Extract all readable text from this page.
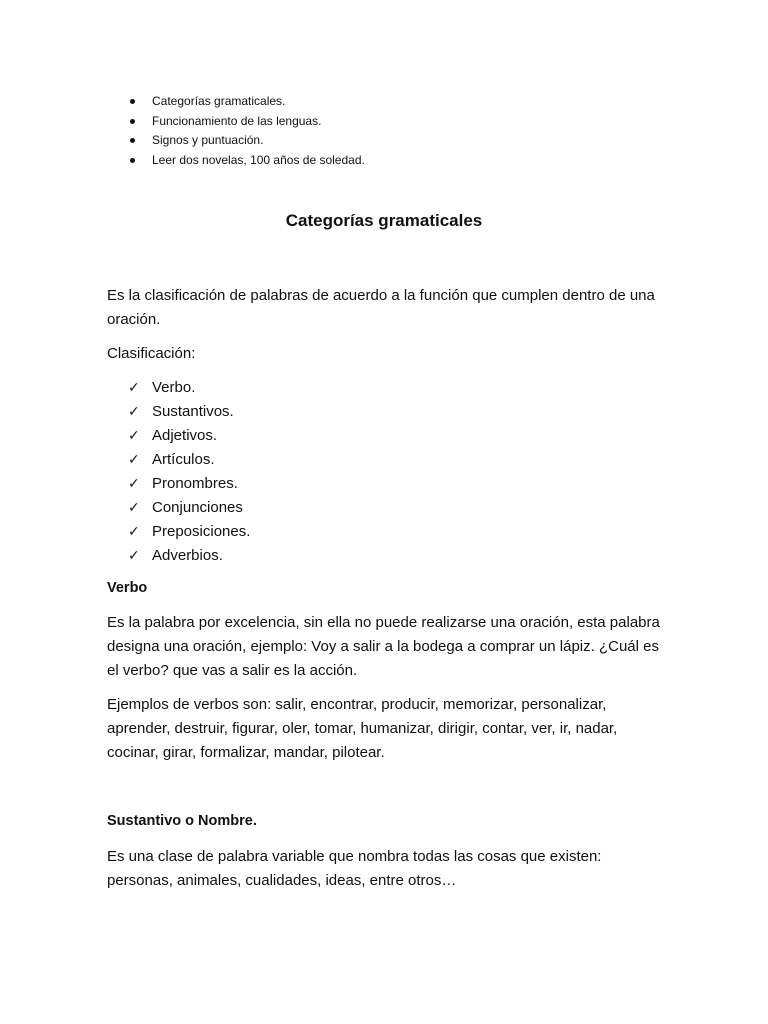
Categorías gramaticales.
Funcionamiento de las lenguas.
Signos y puntuación.
Leer dos novelas, 100 años de soledad.
Categorías gramaticales

Es la clasificación de palabras de acuerdo a la función que cumplen dentro de una oración.

Clasificación:

✓ Verbo.
✓ Sustantivos.
✓ Adjetivos.
✓ Artículos.
✓ Pronombres.
✓ Conjunciones
✓ Preposiciones.
✓ Adverbios.
Verbo

Es la palabra por excelencia, sin ella no puede realizarse una oración, esta palabra designa una oración, ejemplo: Voy a salir a la bodega a comprar un lápiz. ¿Cuál es el verbo? que vas a salir es la acción.

Ejemplos de verbos son: salir, encontrar, producir, memorizar, personalizar, aprender, destruir, figurar, oler, tomar, humanizar, dirigir, contar, ver, ir, nadar, cocinar, girar, formalizar, mandar, pilotear.

Sustantivo o Nombre.

Es una clase de palabra variable que nombra todas las cosas que existen: personas, animales, cualidades, ideas, entre otros…
